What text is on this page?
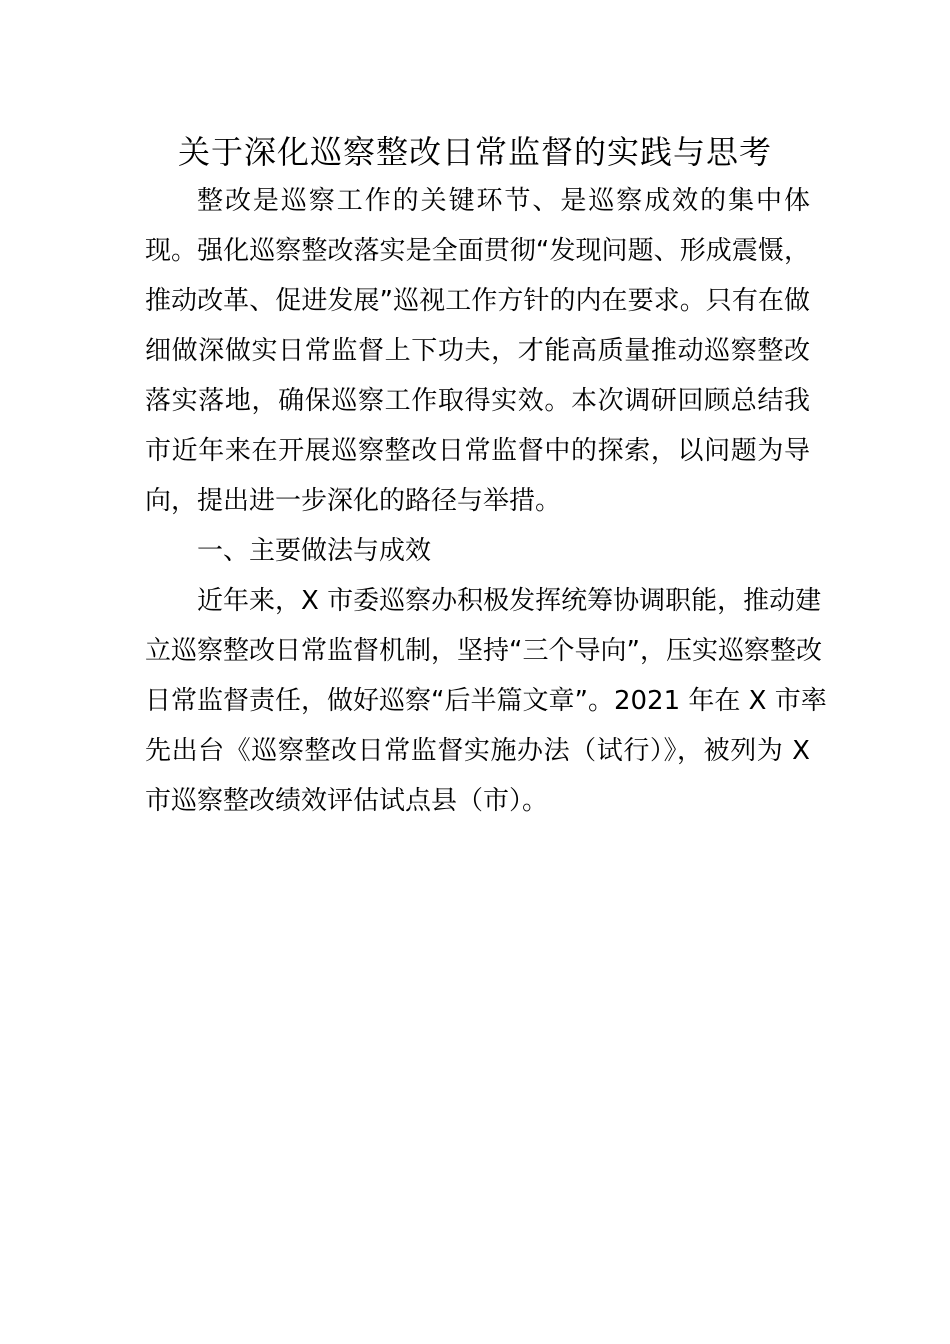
关于深化巡察整改日常监督的实践与思考
整改是巡察工作的关键环节、是巡察成效的集中体
现。强化巡察整改落实是全面贯彻“发现问题、形成震慑，
推动改革、促进发展”巡视工作方针的内在要求。只有在做
细做深做实日常监督上下功夫，才能高质量推动巡察整改
落实落地，确保巡察工作取得实效。本次调研回顾总结我
市近年来在开展巡察整改日常监督中的探索，以问题为导
向，提出进一步深化的路径与举措。
一、主要做法与成效
近年来，X 市委巡察办积极发挥统筹协调职能，推动建
立巡察整改日常监督机制，坚持“三个导向”，压实巡察整改
日常监督责任，做好巡察“后半篇文章”。2021 年在 X 市率
先出台《巡察整改日常监督实施办法（试行）》，被列为 X
市巡察整改绩效评估试点县（市）。
